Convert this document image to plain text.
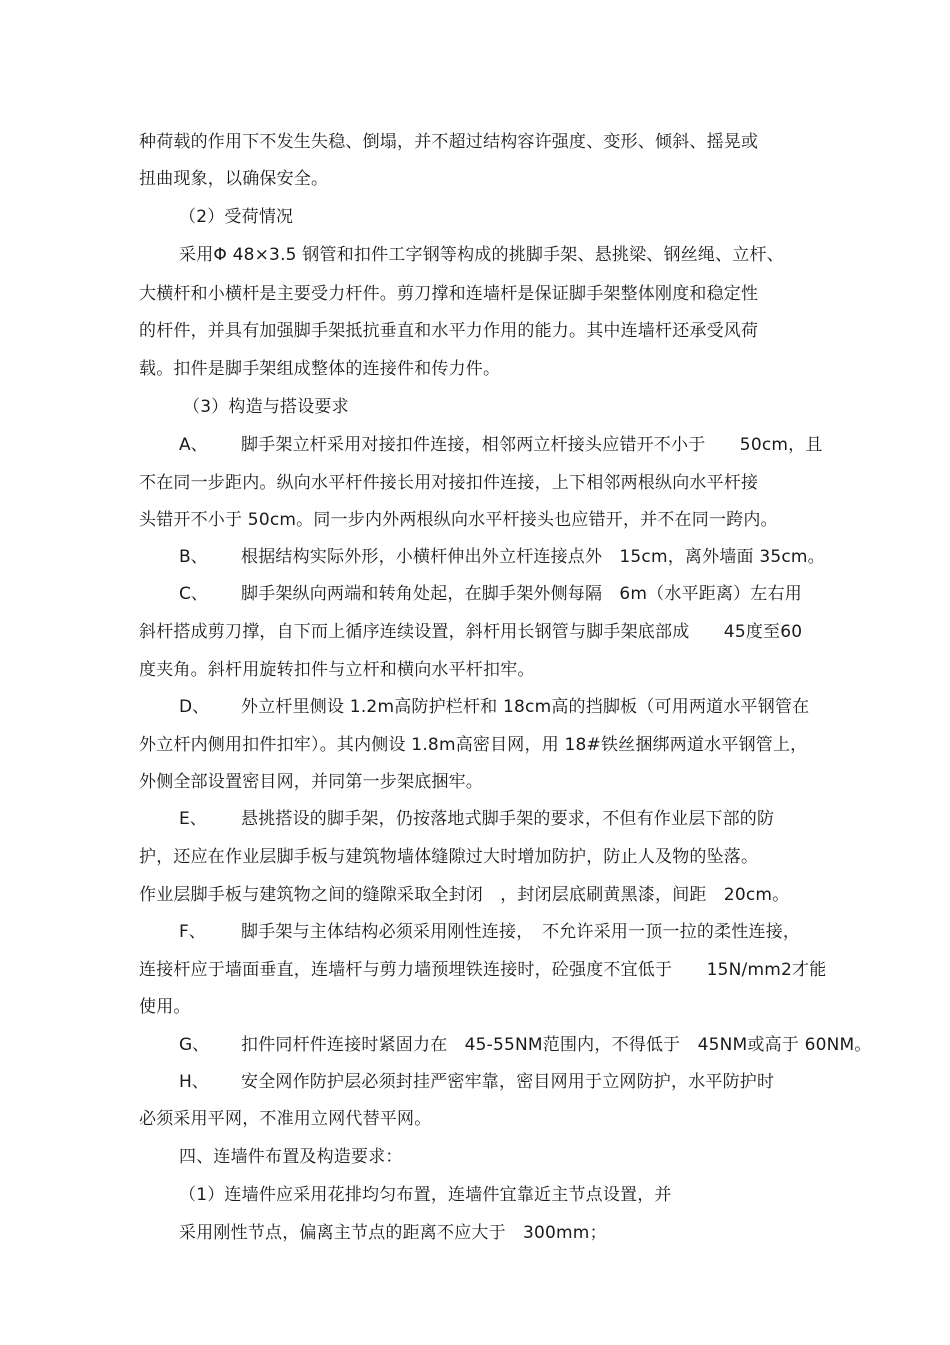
种荷载的作用下不发生失稳、倒塌，并不超过结构容许强度、变形、倾斜、摇晃或
扭曲现象，以确保安全。
（2）受荷情况
采用Φ 48×3.5 钢管和扣件工字钢等构成的挑脚手架、悬挑梁、钢丝绳、立杆、
大横杆和小横杆是主要受力杆件。剪刀撑和连墙杆是保证脚手架整体刚度和稳定性
的杆件，并具有加强脚手架抵抗垂直和水平力作用的能力。其中连墙杆还承受风荷
载。扣件是脚手架组成整体的连接件和传力件。
（3）构造与搭设要求
A、 脚手架立杆采用对接扣件连接，相邻两立杆接头应错开不小于　　50cm，且
不在同一步距内。纵向水平杆件接长用对接扣件连接，上下相邻两根纵向水平杆接
头错开不小于 50cm。同一步内外两根纵向水平杆接头也应错开，并不在同一跨内。
B、 根据结构实际外形，小横杆伸出外立杆连接点外　15cm，离外墙面 35cm。
C、 脚手架纵向两端和转角处起，在脚手架外侧每隔　6m（水平距离）左右用
斜杆搭成剪刀撑，自下而上循序连续设置，斜杆用长钢管与脚手架底部成　　45度至60
度夹角。斜杆用旋转扣件与立杆和横向水平杆扣牢。
D、 外立杆里侧设 1.2m高防护栏杆和 18cm高的挡脚板（可用两道水平钢管在
外立杆内侧用扣件扣牢）。其内侧设 1.8m高密目网，用 18#铁丝捆绑两道水平钢管上，
外侧全部设置密目网，并同第一步架底捆牢。
E、 悬挑搭设的脚手架，仍按落地式脚手架的要求，不但有作业层下部的防
护，还应在作业层脚手板与建筑物墙体缝隙过大时增加防护，防止人及物的坠落。
作业层脚手板与建筑物之间的缝隙采取全封闭　，封闭层底刷黄黑漆，间距　20cm。
F、 脚手架与主体结构必须采用刚性连接，　不允许采用一顶一拉的柔性连接，
连接杆应于墙面垂直，连墙杆与剪力墙预埋铁连接时，砼强度不宜低于　　15N/mm2才能
使用。
G、 扣件同杆件连接时紧固力在　45-55NM范围内，不得低于　45NM或高于 60NM。
H、 安全网作防护层必须封挂严密牢靠，密目网用于立网防护，水平防护时
必须采用平网，不准用立网代替平网。
四、连墙件布置及构造要求：
（1）连墙件应采用花排均匀布置，连墙件宜靠近主节点设置，并
采用刚性节点，偏离主节点的距离不应大于　300mm；
